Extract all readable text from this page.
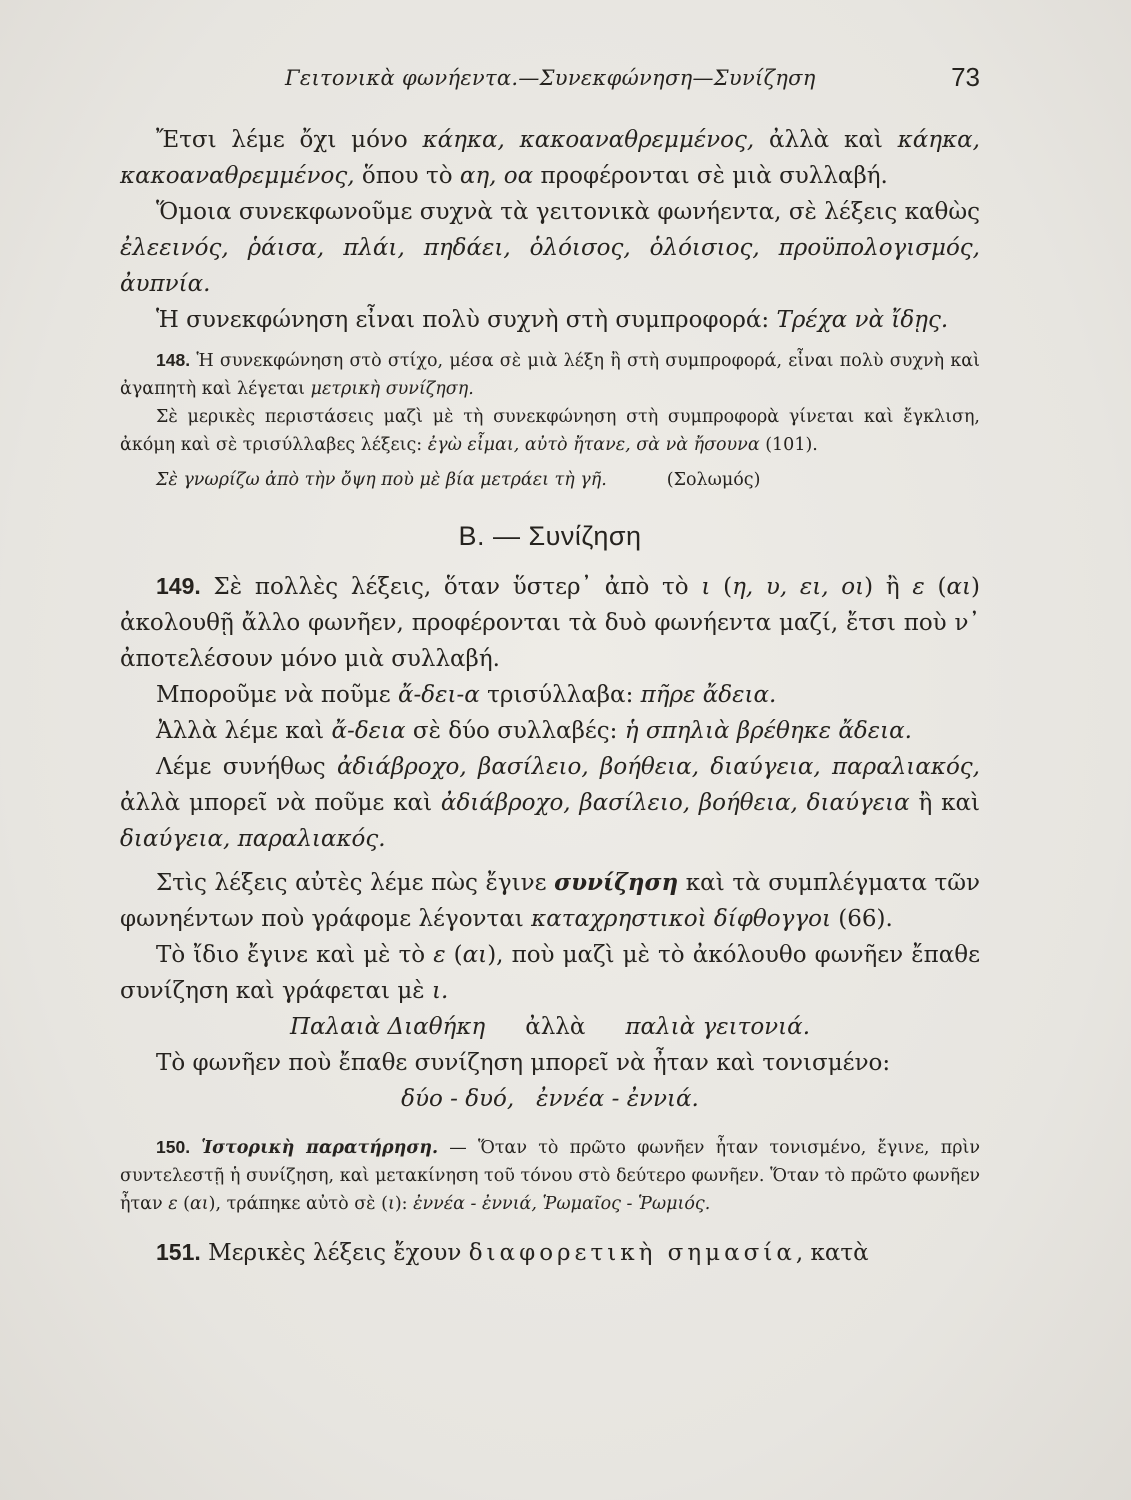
Γειτονικὰ φωνήεντα.—Συνεκφώνηση—Συνίζηση	73

Ἔτσι λέμε ὄχι μόνο κάηκα, κακοαναθρεμμένος, ἀλλὰ καὶ κάηκα, κακοαναθρεμμένος, ὅπου τὸ αη, οα προφέρονται σὲ μιὰ συλλαβή.

Ὅμοια συνεκφωνοῦμε συχνὰ τὰ γειτονικὰ φωνήεντα, σὲ λέξεις καθὼς ἐλεεινός, ῥάισα, πλάι, πηδάει, ὁλόισος, ὁλόισιος, προϋπολογισμός, ἀυπνία.

Ἡ συνεκφώνηση εἶναι πολὺ συχνὴ στὴ συμπροφορά: Τρέχα νὰ ἴδῃς.

148. Ἡ συνεκφώνηση στὸ στίχο, μέσα σὲ μιὰ λέξη ἢ στὴ συμπροφορά, εἶναι πολὺ συχνὴ καὶ ἀγαπητὴ καὶ λέγεται μετρικὴ συνίζηση.

Σὲ μερικὲς περιστάσεις μαζὶ μὲ τὴ συνεκφώνηση στὴ συμπροφορὰ γίνεται καὶ ἔγκλιση, ἀκόμη καὶ σὲ τρισύλλαβες λέξεις: ἐγὼ εἶμαι, αὐτὸ ἤτανε, σὰ νὰ ἤσουνα (101).

Σὲ γνωρίζω ἀπὸ τὴν ὄψη ποὺ μὲ βία μετράει τὴ γῆ.	(Σολωμός)

Β. — Συνίζηση

149. Σὲ πολλὲς λέξεις, ὅταν ὕστερ᾽ ἀπὸ τὸ ι (η, υ, ει, οι) ἢ ε (αι) ἀκολουθῇ ἄλλο φωνῆεν, προφέρονται τὰ δυὸ φωνήεντα μαζί, ἔτσι ποὺ ν᾽ ἀποτελέσουν μόνο μιὰ συλλαβή.

Μποροῦμε νὰ ποῦμε ἄ-δει-α τρισύλλαβα: πῆρε ἄδεια.

Ἀλλὰ λέμε καὶ ἄ-δεια σὲ δύο συλλαβές: ἡ σπηλιὰ βρέθηκε ἄδεια.

Λέμε συνήθως ἀδιάβροχο, βασίλειο, βοήθεια, διαύγεια, παραλιακός, ἀλλὰ μπορεῖ νὰ ποῦμε καὶ ἀδιάβροχο, βασίλειο, βοήθεια, διαύγεια ἢ καὶ διαύγεια, παραλιακός.

Στὶς λέξεις αὐτὲς λέμε πὼς ἔγινε συνίζηση καὶ τὰ συμπλέγματα τῶν φωνηέντων ποὺ γράφομε λέγονται καταχρηστικοὶ δίφθογγοι (66).

Τὸ ἴδιο ἔγινε καὶ μὲ τὸ ε (αι), ποὺ μαζὶ μὲ τὸ ἀκόλουθο φωνῆεν ἔπαθε συνίζηση καὶ γράφεται μὲ ι.

Παλαιὰ Διαθήκη ἀλλὰ παλιὰ γειτονιά.

Τὸ φωνῆεν ποὺ ἔπαθε συνίζηση μπορεῖ νὰ ἦταν καὶ τονισμένο:

δύο - δυό,   ἐννέα - ἐννιά.

150. Ἱστορικὴ παρατήρηση. — Ὅταν τὸ πρῶτο φωνῆεν ἦταν τονισμένο, ἔγινε, πρὶν συντελεστῇ ἡ συνίζηση, καὶ μετακίνηση τοῦ τόνου στὸ δεύτερο φωνῆεν. Ὅταν τὸ πρῶτο φωνῆεν ἦταν ε (αι), τράπηκε αὐτὸ σὲ (ι): ἐννέα - ἐννιά, Ῥωμαῖος - Ῥωμιός.

151. Μερικὲς λέξεις ἔχουν διαφορετικὴ σημασία, κατὰ
